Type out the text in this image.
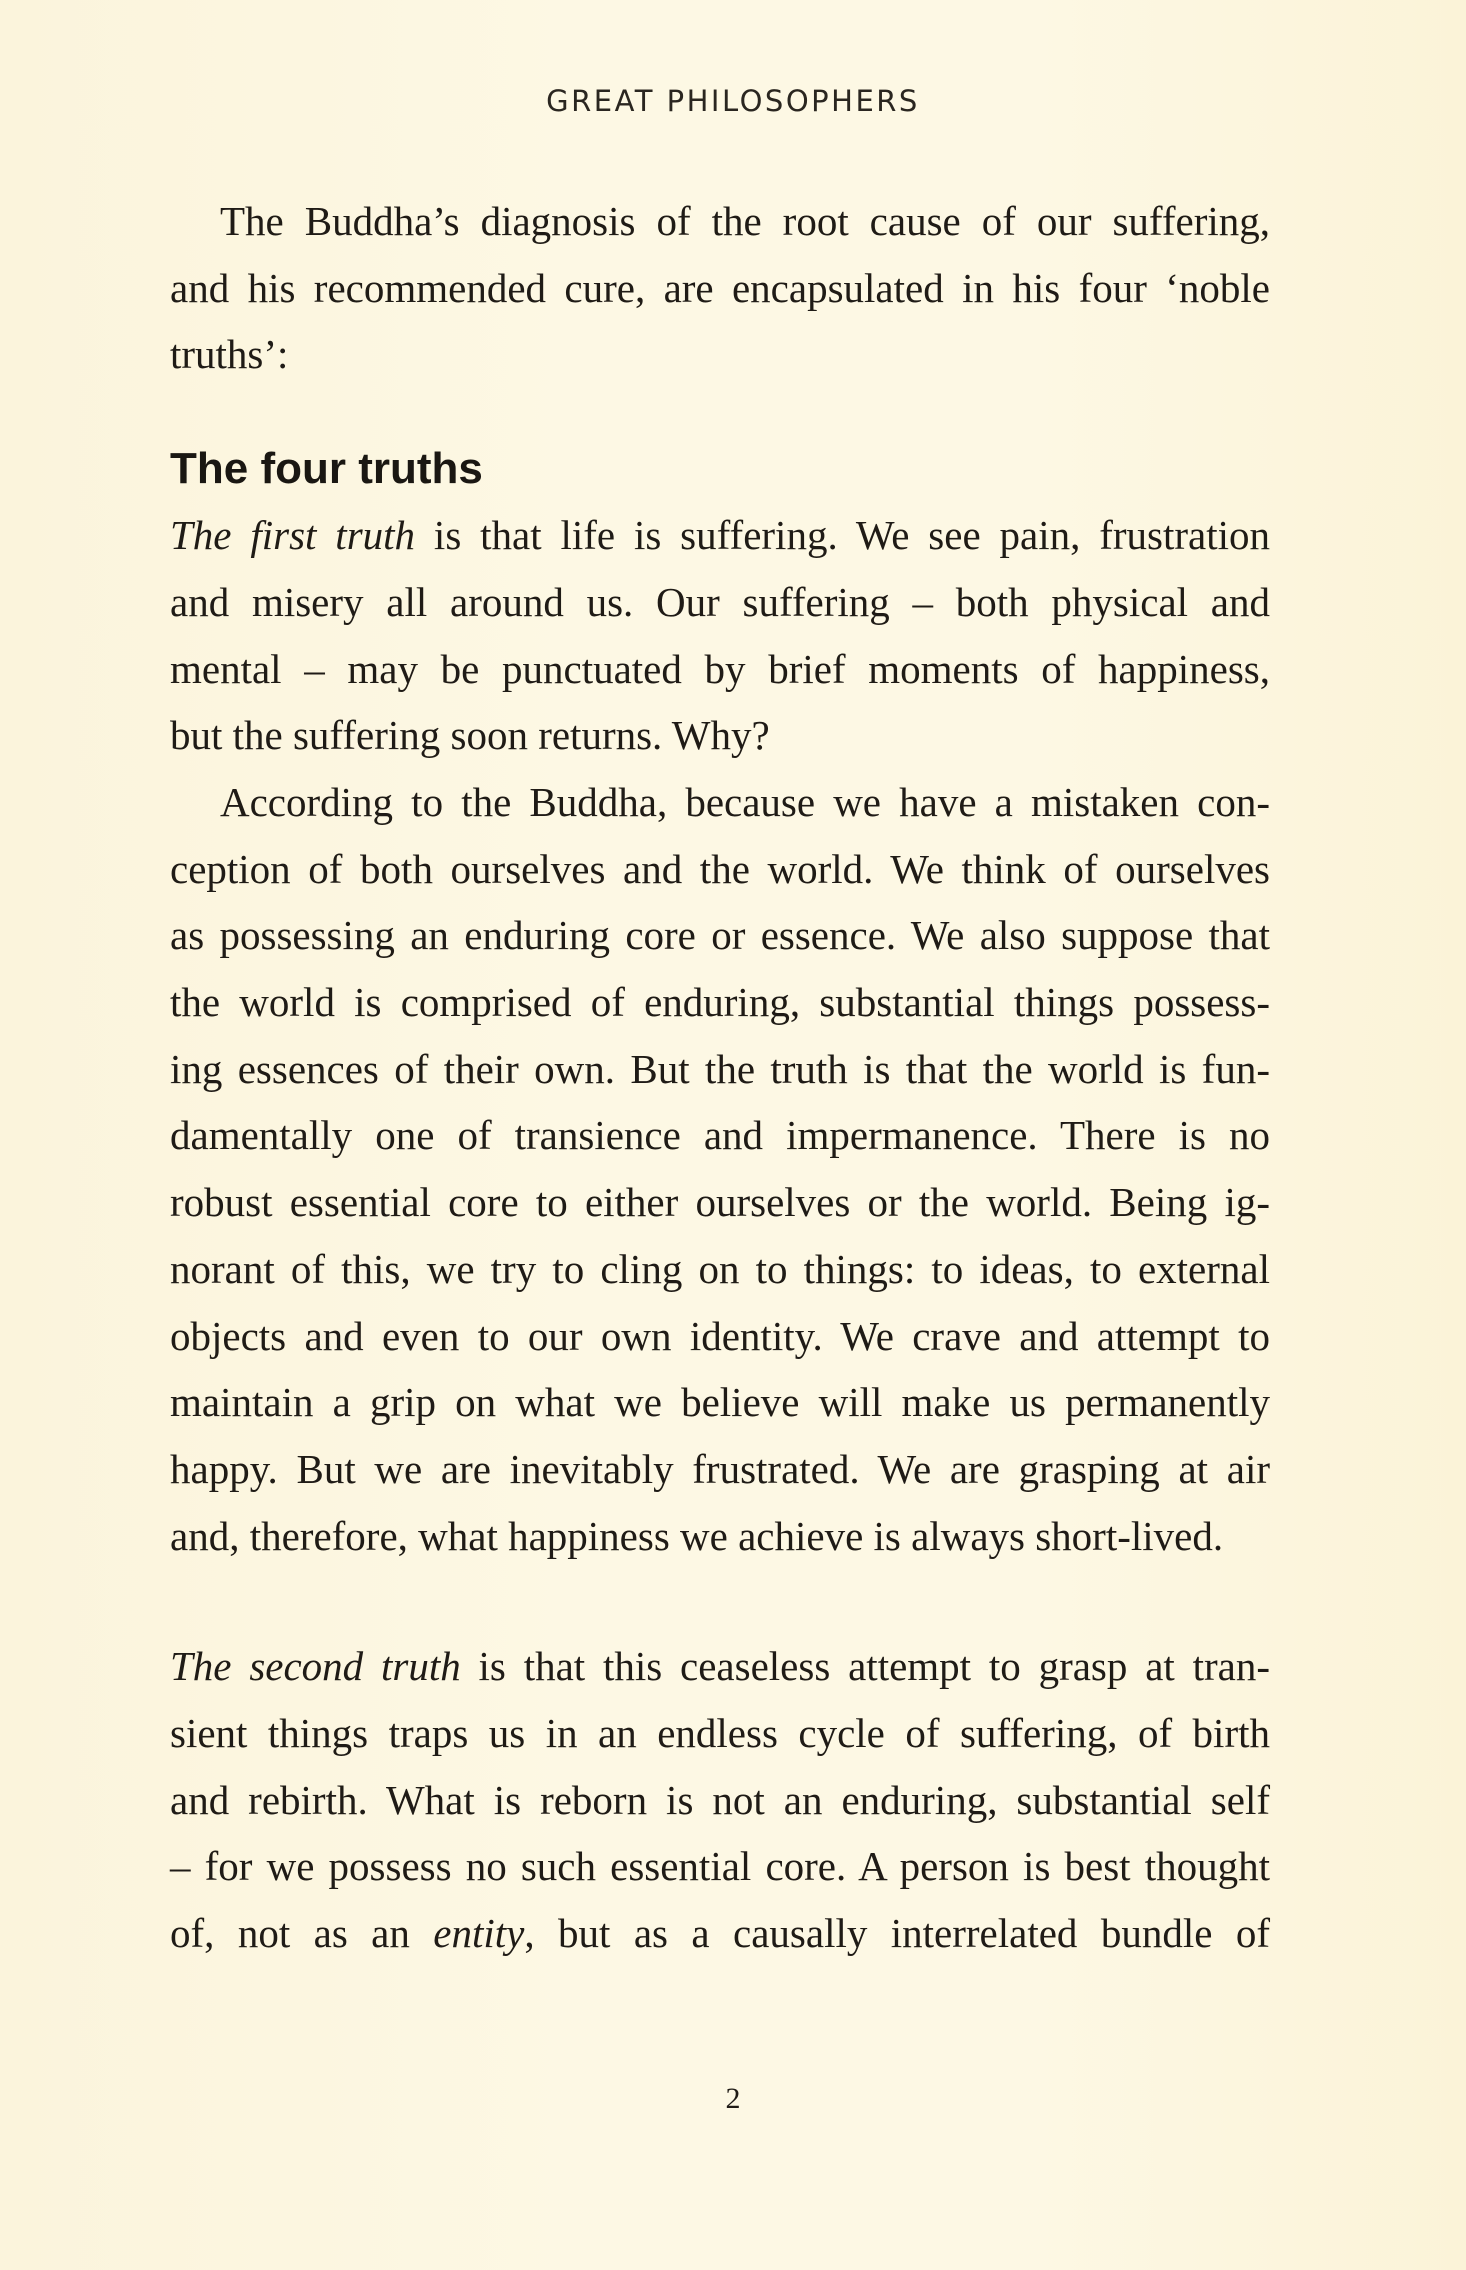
GREAT PHILOSOPHERS

The Buddha’s diagnosis of the root cause of our suffering,
and his recommended cure, are encapsulated in his four ‘noble
truths’:

The four truths

The first truth is that life is suffering. We see pain, frustration
and misery all around us. Our suffering – both physical and
mental – may be punctuated by brief moments of happiness,
but the suffering soon returns. Why?

According to the Buddha, because we have a mistaken con-
ception of both ourselves and the world. We think of ourselves
as possessing an enduring core or essence. We also suppose that
the world is comprised of enduring, substantial things possess-
ing essences of their own. But the truth is that the world is fun-
damentally one of transience and impermanence. There is no
robust essential core to either ourselves or the world. Being ig-
norant of this, we try to cling on to things: to ideas, to external
objects and even to our own identity. We crave and attempt to
maintain a grip on what we believe will make us permanently
happy. But we are inevitably frustrated. We are grasping at air
and, therefore, what happiness we achieve is always short-lived.

The second truth is that this ceaseless attempt to grasp at tran-
sient things traps us in an endless cycle of suffering, of birth
and rebirth. What is reborn is not an enduring, substantial self
– for we possess no such essential core. A person is best thought
of, not as an entity, but as a causally interrelated bundle of

2
